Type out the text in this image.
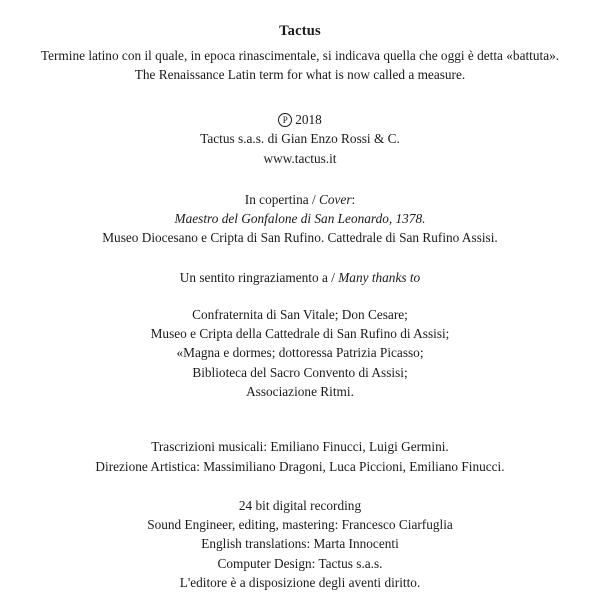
Tactus
Termine latino con il quale, in epoca rinascimentale, si indicava quella che oggi è detta «battuta».
The Renaissance Latin term for what is now called a measure.
P 2018
Tactus s.a.s. di Gian Enzo Rossi & C.
www.tactus.it
In copertina / Cover:
Maestro del Gonfalone di San Leonardo, 1378.
Museo Diocesano e Cripta di San Rufino. Cattedrale di San Rufino Assisi.
Un sentito ringraziamento a / Many thanks to
Confraternita di San Vitale; Don Cesare;
Museo e Cripta della Cattedrale di San Rufino di Assisi;
«Magna e dormes; dottoressa Patrizia Picasso;
Biblioteca del Sacro Convento di Assisi;
Associazione Ritmi.
Trascrizioni musicali: Emiliano Finucci, Luigi Germini.
Direzione Artistica: Massimiliano Dragoni, Luca Piccioni, Emiliano Finucci.
24 bit digital recording
Sound Engineer, editing, mastering: Francesco Ciarfuglia
English translations: Marta Innocenti
Computer Design: Tactus s.a.s.
L'editore è a disposizione degli aventi diritto.
